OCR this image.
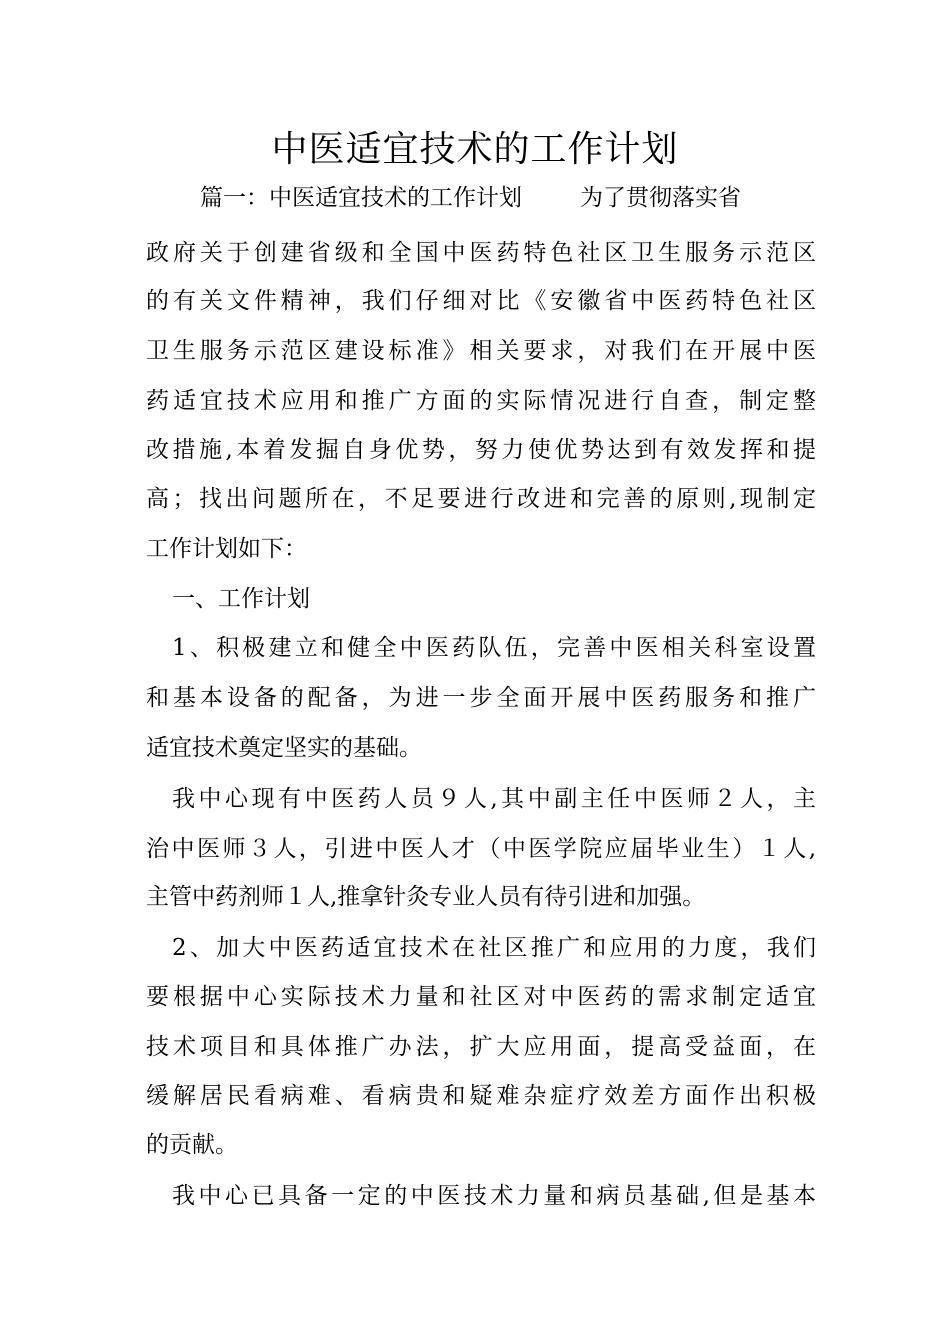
中医适宜技术的工作计划

篇一：中医适宜技术的工作计划	为了贯彻落实省

政府关于创建省级和全国中医药特色社区卫生服务示范区

的有关文件精神，我们仔细对比《安徽省中医药特色社区

卫生服务示范区建设标准》相关要求，对我们在开展中医

药适宜技术应用和推广方面的实际情况进行自查，制定整

改措施,本着发掘自身优势，努力使优势达到有效发挥和提

高；找出问题所在，不足要进行改进和完善的原则,现制定

工作计划如下：

一、工作计划

1、积极建立和健全中医药队伍，完善中医相关科室设置

和基本设备的配备，为进一步全面开展中医药服务和推广

适宜技术奠定坚实的基础。

我中心现有中医药人员９人,其中副主任中医师２人，主

治中医师３人，引进中医人才（中医学院应届毕业生）１人,

主管中药剂师１人,推拿针灸专业人员有待引进和加强。

2、加大中医药适宜技术在社区推广和应用的力度，我们

要根据中心实际技术力量和社区对中医药的需求制定适宜

技术项目和具体推广办法，扩大应用面，提高受益面，在

缓解居民看病难、看病贵和疑难杂症疗效差方面作出积极

的贡献。

我中心已具备一定的中医技术力量和病员基础,但是基本
